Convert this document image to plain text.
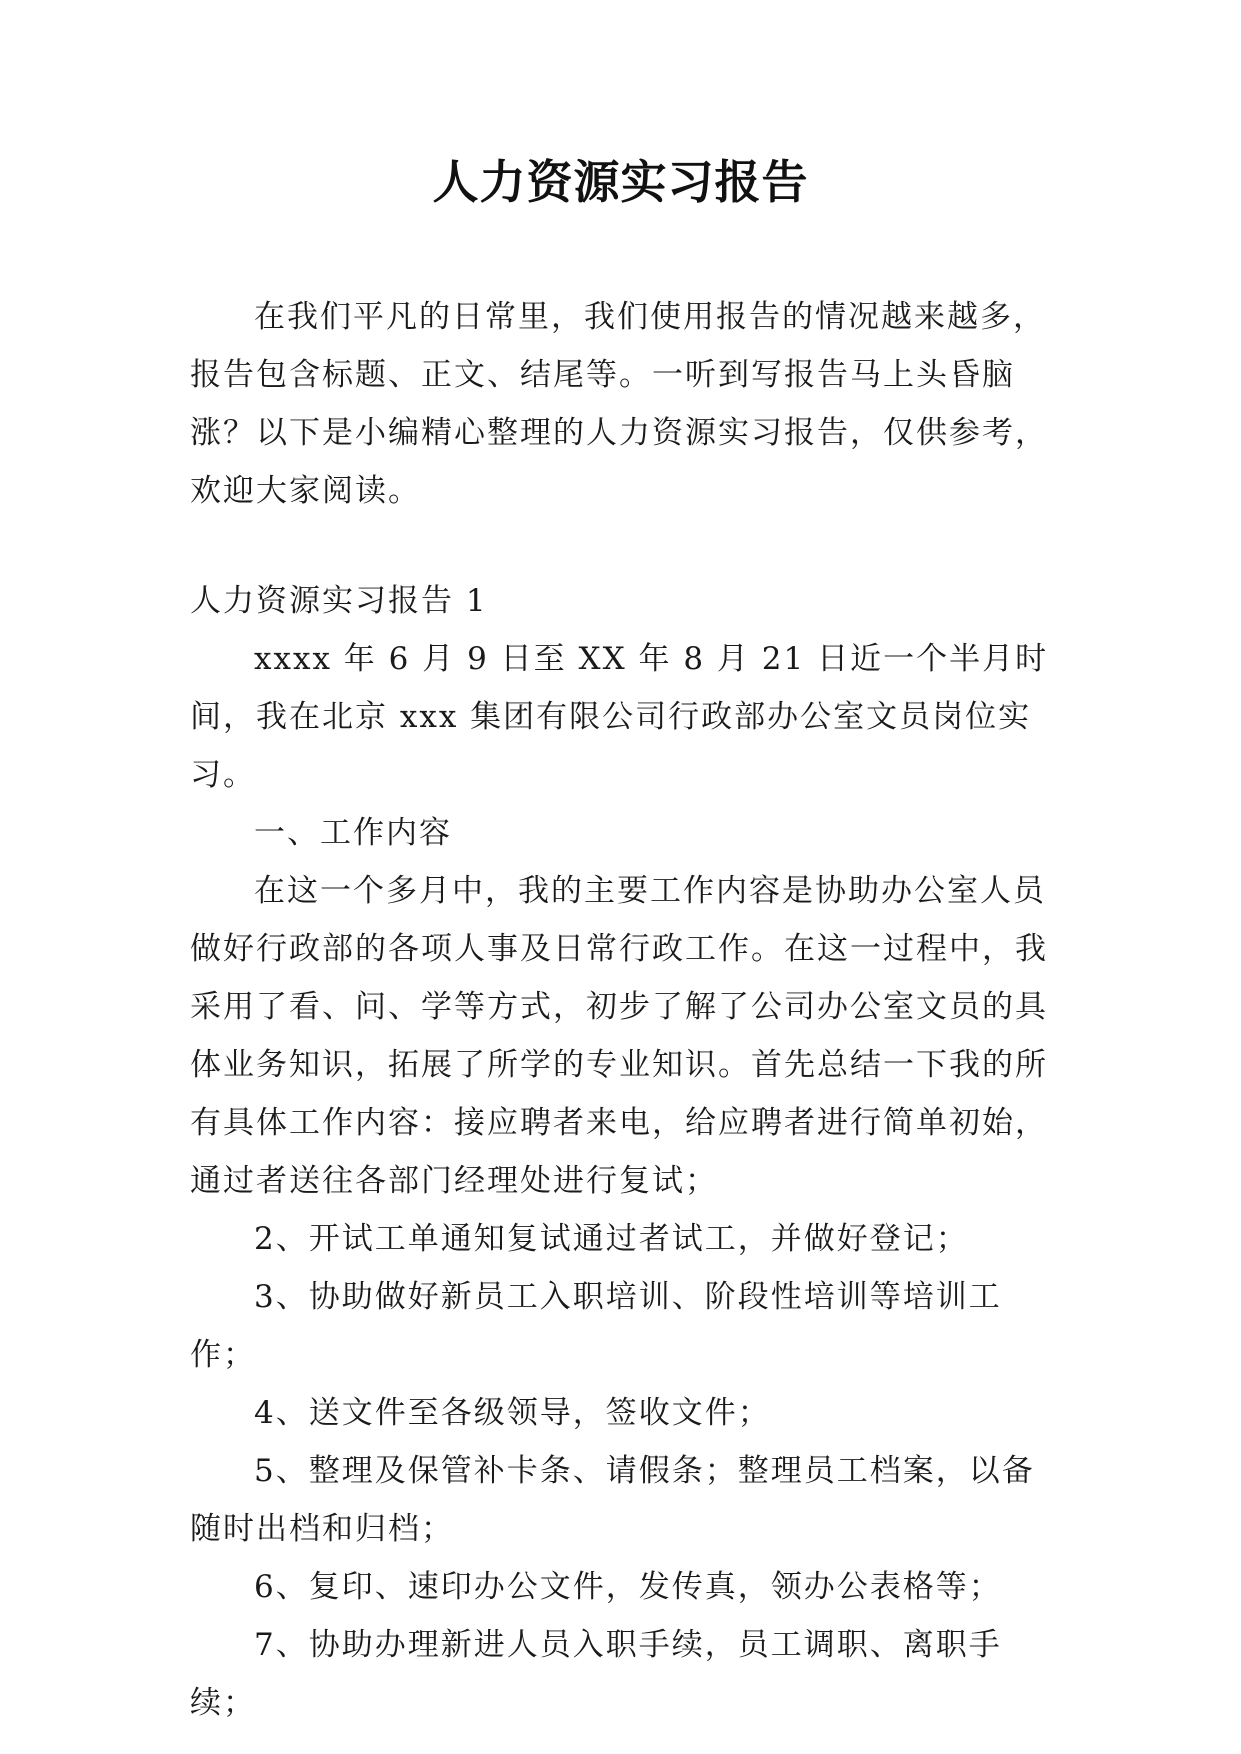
人力资源实习报告

在我们平凡的日常里，我们使用报告的情况越来越多，报告包含标题、正文、结尾等。一听到写报告马上头昏脑涨？以下是小编精心整理的人力资源实习报告，仅供参考，欢迎大家阅读。

人力资源实习报告 1

xxxx 年 6 月 9 日至 XX 年 8 月 21 日近一个半月时间，我在北京 xxx 集团有限公司行政部办公室文员岗位实习。

一、工作内容

在这一个多月中，我的主要工作内容是协助办公室人员做好行政部的各项人事及日常行政工作。在这一过程中，我采用了看、问、学等方式，初步了解了公司办公室文员的具体业务知识，拓展了所学的专业知识。首先总结一下我的所有具体工作内容：接应聘者来电，给应聘者进行简单初始，通过者送往各部门经理处进行复试；

2、开试工单通知复试通过者试工，并做好登记；

3、协助做好新员工入职培训、阶段性培训等培训工作；

4、送文件至各级领导，签收文件；

5、整理及保管补卡条、请假条；整理员工档案，以备随时出档和归档；

6、复印、速印办公文件，发传真，领办公表格等；

7、协助办理新进人员入职手续，员工调职、离职手续；
